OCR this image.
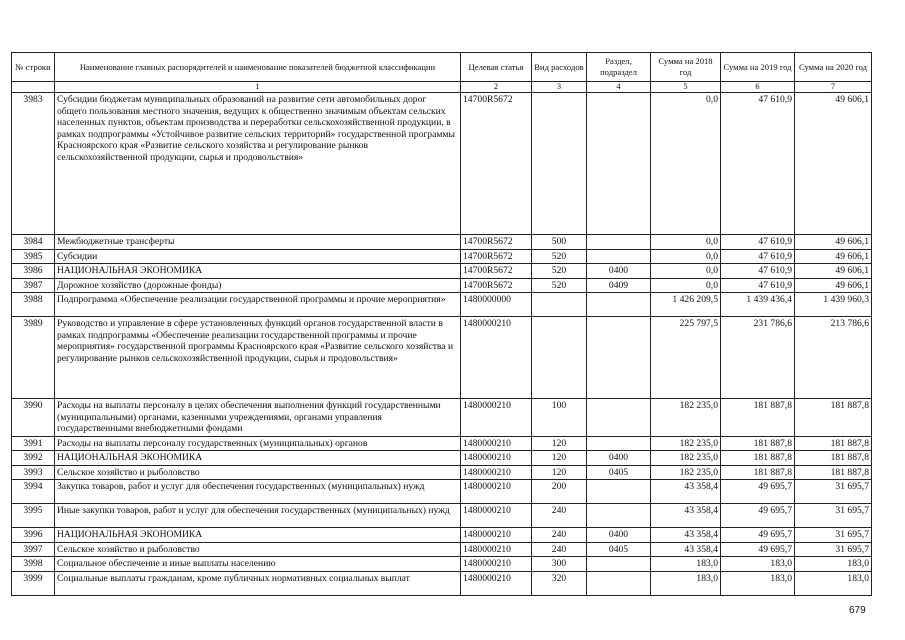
№ строки	Наименование главных распорядителей и наименование показателей бюджетной классификации	Целевая статья	Вид расходов	Раздел, подраздел	Сумма на 2018 год	Сумма на 2019 год	Сумма на 2020 год
	1	2	3	4	5	6	7
3983	Субсидии бюджетам муниципальных образований на развитие сети автомобильных дорог общего пользования местного значения, ведущих к общественно значимым объектам сельских населенных пунктов, объектам производства и переработки сельскохозяйственной продукции, в рамках подпрограммы «Устойчивое развитие сельских территорий» государственной программы Красноярского края «Развитие сельского хозяйства и регулирование рынков сельскохозяйственной продукции, сырья и продовольствия»	14700R5672			0,0	47 610,9	49 606,1
3984	Межбюджетные трансферты	14700R5672	500		0,0	47 610,9	49 606,1
3985	Субсидии	14700R5672	520		0,0	47 610,9	49 606,1
3986	НАЦИОНАЛЬНАЯ ЭКОНОМИКА	14700R5672	520	0400	0,0	47 610,9	49 606,1
3987	Дорожное хозяйство (дорожные фонды)	14700R5672	520	0409	0,0	47 610,9	49 606,1
3988	Подпрограмма «Обеспечение реализации государственной программы и прочие мероприятия»	1480000000			1 426 209,5	1 439 436,4	1 439 960,3
3989	Руководство и управление в сфере установленных функций органов государственной власти в рамках подпрограммы «Обеспечение реализации государственной программы и прочие мероприятия» государственной программы Красноярского края «Развитие сельского хозяйства и регулирование рынков сельскохозяйственной продукции, сырья и продовольствия»	1480000210			225 797,5	231 786,6	213 786,6
3990	Расходы на выплаты персоналу в целях обеспечения выполнения функций государственными (муниципальными) органами, казенными учреждениями, органами управления государственными внебюджетными фондами	1480000210	100		182 235,0	181 887,8	181 887,8
3991	Расходы на выплаты персоналу государственных (муниципальных) органов	1480000210	120		182 235,0	181 887,8	181 887,8
3992	НАЦИОНАЛЬНАЯ ЭКОНОМИКА	1480000210	120	0400	182 235,0	181 887,8	181 887,8
3993	Сельское хозяйство и рыболовство	1480000210	120	0405	182 235,0	181 887,8	181 887,8
3994	Закупка товаров, работ и услуг для обеспечения государственных (муниципальных) нужд	1480000210	200		43 358,4	49 695,7	31 695,7
3995	Иные закупки товаров, работ и услуг для обеспечения государственных (муниципальных) нужд	1480000210	240		43 358,4	49 695,7	31 695,7
3996	НАЦИОНАЛЬНАЯ ЭКОНОМИКА	1480000210	240	0400	43 358,4	49 695,7	31 695,7
3997	Сельское хозяйство и рыболовство	1480000210	240	0405	43 358,4	49 695,7	31 695,7
3998	Социальное обеспечение и иные выплаты населению	1480000210	300		183,0	183,0	183,0
3999	Социальные выплаты гражданам, кроме публичных нормативных социальных выплат	1480000210	320		183,0	183,0	183,0
679
